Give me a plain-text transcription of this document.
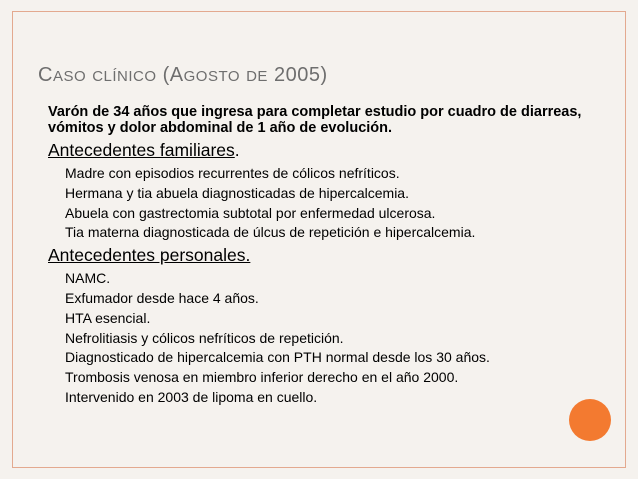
CASO CLÍNICO (AGOSTO DE 2005)
Varón de 34 años que ingresa para completar estudio por cuadro de diarreas, vómitos y dolor abdominal de 1 año de evolución.
Antecedentes familiares.
Madre con episodios recurrentes de cólicos nefríticos.
Hermana y tia abuela diagnosticadas de hipercalcemia.
Abuela con gastrectomia subtotal por enfermedad ulcerosa.
Tia materna diagnosticada de úlcus de repetición e hipercalcemia.
Antecedentes personales.
NAMC.
Exfumador desde hace 4 años.
HTA esencial.
Nefrolitiasis y cólicos nefríticos de repetición.
Diagnosticado de hipercalcemia con PTH normal desde los 30 años.
Trombosis venosa en miembro inferior derecho en el año 2000.
Intervenido en 2003 de lipoma en cuello.
